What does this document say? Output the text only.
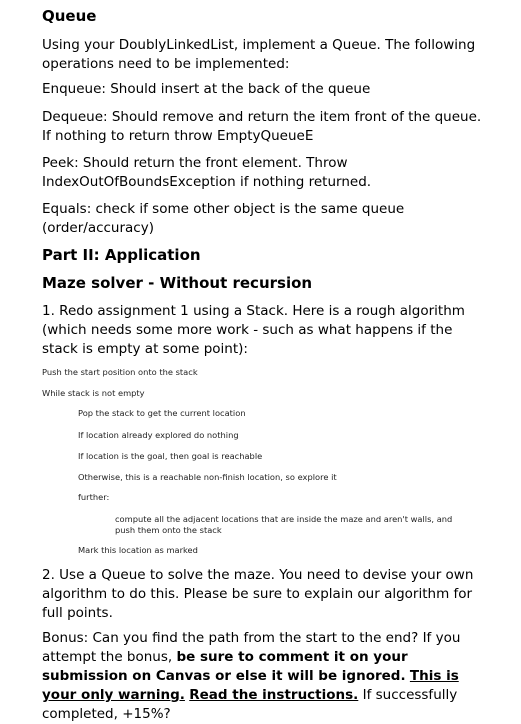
Queue

Using your DoublyLinkedList, implement a Queue. The following operations need to be implemented:

Enqueue: Should insert at the back of the queue

Dequeue: Should remove and return the item front of the queue. If nothing to return throw EmptyQueueE

Peek: Should return the front element. Throw IndexOutOfBoundsException if nothing returned.

Equals: check if some other object is the same queue (order/accuracy)

Part II: Application
Maze solver - Without recursion

1. Redo assignment 1 using a Stack. Here is a rough algorithm (which needs some more work - such as what happens if the stack is empty at some point):

Push the start position onto the stack
While stack is not empty
Pop the stack to get the current location
If location already explored do nothing
If location is the goal, then goal is reachable
Otherwise, this is a reachable non-finish location, so explore it
further:
compute all the adjacent locations that are inside the maze and aren't walls, and push them onto the stack
Mark this location as marked

2. Use a Queue to solve the maze. You need to devise your own algorithm to do this. Please be sure to explain our algorithm for full points.

Bonus: Can you find the path from the start to the end? If you attempt the bonus, be sure to comment it on your submission on Canvas or else it will be ignored. This is your only warning. Read the instructions. If successfully completed, +15%?
